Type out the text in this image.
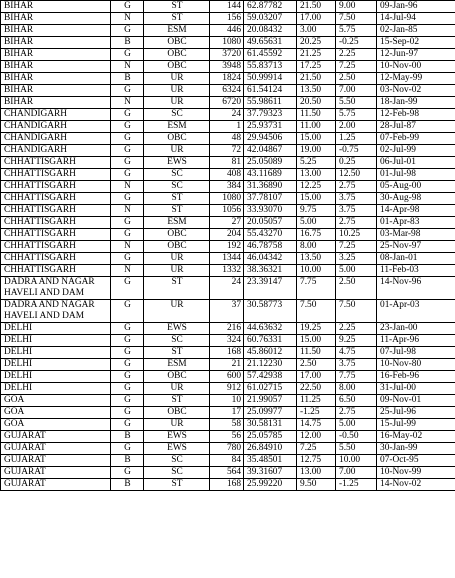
BIHAR	G	ST	144	62.87782	21.50	9.00	09-Jan-96
BIHAR	N	ST	156	59.03207	17.00	7.50	14-Jul-94
BIHAR	G	ESM	446	20.08432	3.00	5.75	02-Jan-85
BIHAR	B	OBC	1080	49.65631	20.25	-0.25	15-Sep-02
BIHAR	G	OBC	3720	61.45592	21.25	2.25	12-Jun-97
BIHAR	N	OBC	3948	55.83713	17.25	7.25	10-Nov-00
BIHAR	B	UR	1824	50.99914	21.50	2.50	12-May-99
BIHAR	G	UR	6324	61.54124	13.50	7.00	03-Nov-02
BIHAR	N	UR	6720	55.98611	20.50	5.50	18-Jan-99
CHANDIGARH	G	SC	24	37.79323	11.50	5.75	12-Feb-98
CHANDIGARH	G	ESM	1	25.93731	11.00	2.00	28-Jul-87
CHANDIGARH	G	OBC	48	29.94506	15.00	1.25	07-Feb-99
CHANDIGARH	G	UR	72	42.04867	19.00	-0.75	02-Jul-99
CHHATTISGARH	G	EWS	81	25.05089	5.25	0.25	06-Jul-01
CHHATTISGARH	G	SC	408	43.11689	13.00	12.50	01-Jul-98
CHHATTISGARH	N	SC	384	31.36890	12.25	2.75	05-Aug-00
CHHATTISGARH	G	ST	1080	37.78107	15.00	3.75	30-Aug-98
CHHATTISGARH	N	ST	1056	33.93070	9.75	3.75	14-Apr-98
CHHATTISGARH	G	ESM	27	20.05057	5.00	2.75	01-Apr-83
CHHATTISGARH	G	OBC	204	55.43270	16.75	10.25	03-Mar-98
CHHATTISGARH	N	OBC	192	46.78758	8.00	7.25	25-Nov-97
CHHATTISGARH	G	UR	1344	46.04342	13.50	3.25	08-Jan-01
CHHATTISGARH	N	UR	1332	38.36321	10.00	5.00	11-Feb-03
DADRA AND NAGAR HAVELI AND DAM	G	ST	24	23.39147	7.75	2.50	14-Nov-96
DADRA AND NAGAR HAVELI AND DAM	G	UR	37	30.58773	7.50	7.50	01-Apr-03
DELHI	G	EWS	216	44.63632	19.25	2.25	23-Jan-00
DELHI	G	SC	324	60.76331	15.00	9.25	11-Apr-96
DELHI	G	ST	168	45.86012	11.50	4.75	07-Jul-98
DELHI	G	ESM	21	21.12230	2.50	3.75	10-Nov-80
DELHI	G	OBC	600	57.42938	17.00	7.75	16-Feb-96
DELHI	G	UR	912	61.02715	22.50	8.00	31-Jul-00
GOA	G	ST	10	21.99057	11.25	6.50	09-Nov-01
GOA	G	OBC	17	25.09977	-1.25	2.75	25-Jul-96
GOA	G	UR	58	30.58131	14.75	5.00	15-Jul-99
GUJARAT	B	EWS	56	25.05785	12.00	-0.50	16-May-02
GUJARAT	G	EWS	780	26.84910	7.25	5.50	30-Jan-99
GUJARAT	B	SC	84	35.48501	12.75	10.00	07-Oct-95
GUJARAT	G	SC	564	39.31607	13.00	7.00	10-Nov-99
GUJARAT	B	ST	168	25.99220	9.50	-1.25	14-Nov-02
